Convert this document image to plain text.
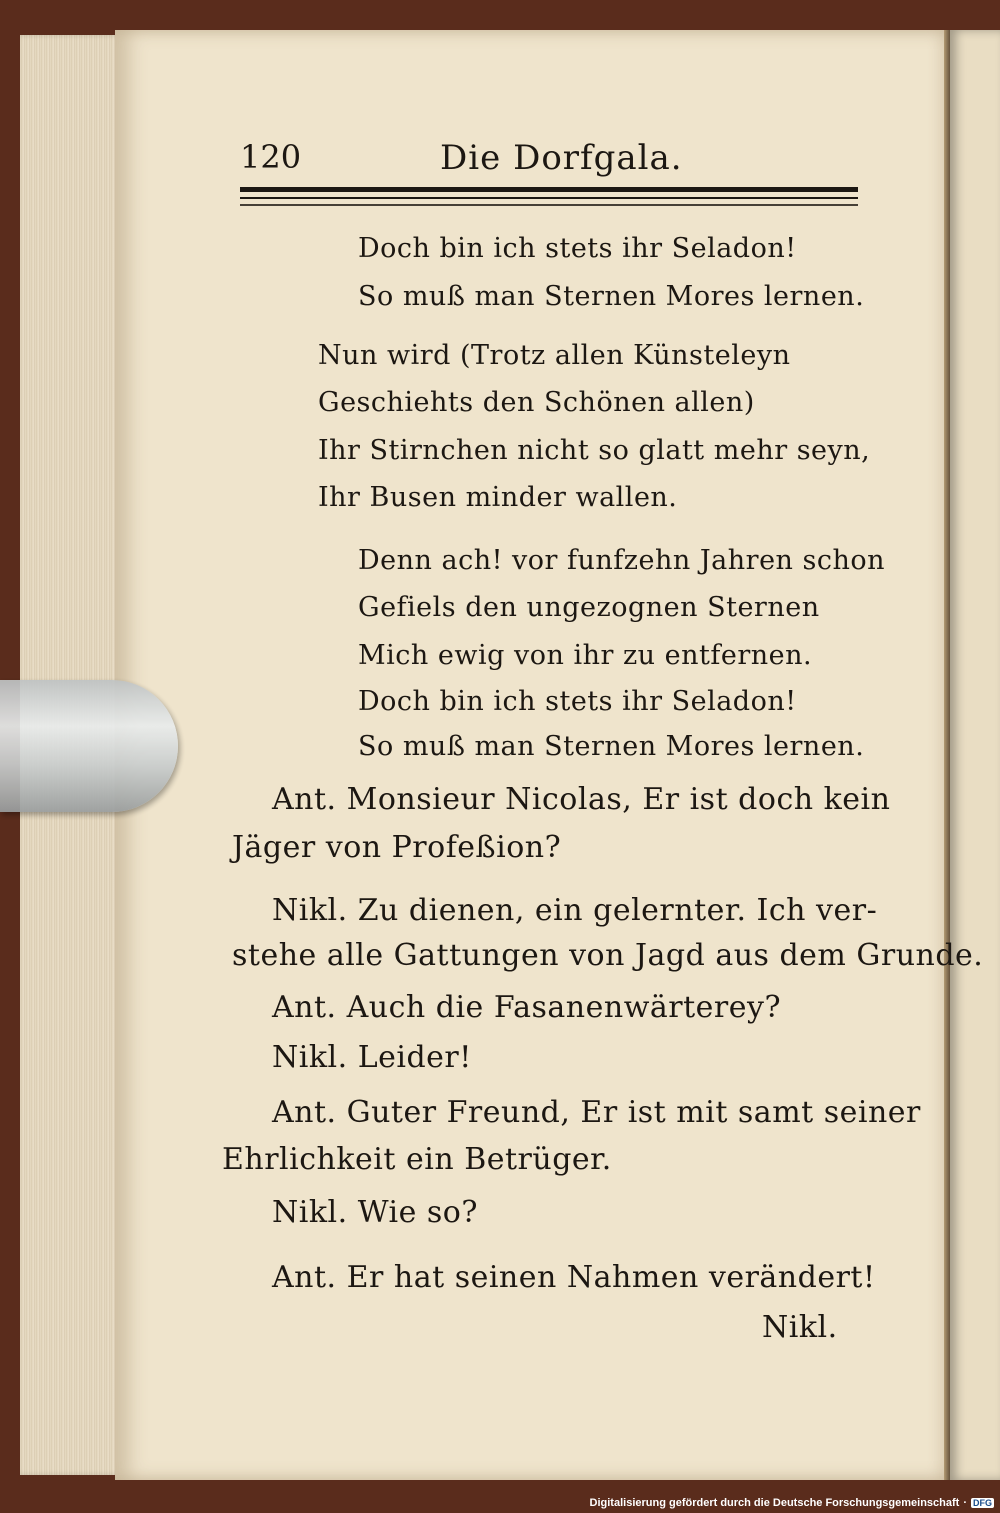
120	Die Dorfgala.
Doch bin ich stets ihr Seladon!
So muß man Sternen Mores lernen.
Nun wird (Trotz allen Künsteleyn
Geschiehts den Schönen allen)
Ihr Stirnchen nicht so glatt mehr seyn,
Ihr Busen minder wallen.
Denn ach! vor funfzehn Jahren schon
Gefiels den ungezognen Sternen
Mich ewig von ihr zu entfernen.
Doch bin ich stets ihr Seladon!
So muß man Sternen Mores lernen.
Ant. Monsieur Nicolas, Er ist doch kein
Jäger von Profeßion?
Nikl. Zu dienen, ein gelernter. Ich ver-
stehe alle Gattungen von Jagd aus dem Grunde.
Ant. Auch die Fasanenwärterey?
Nikl. Leider!
Ant. Guter Freund, Er ist mit samt seiner
Ehrlichkeit ein Betrüger.
Nikl. Wie so?
Ant. Er hat seinen Nahmen verändert!
Nikl.
Digitalisierung gefördert durch die Deutsche Forschungsgemeinschaft · DFG
